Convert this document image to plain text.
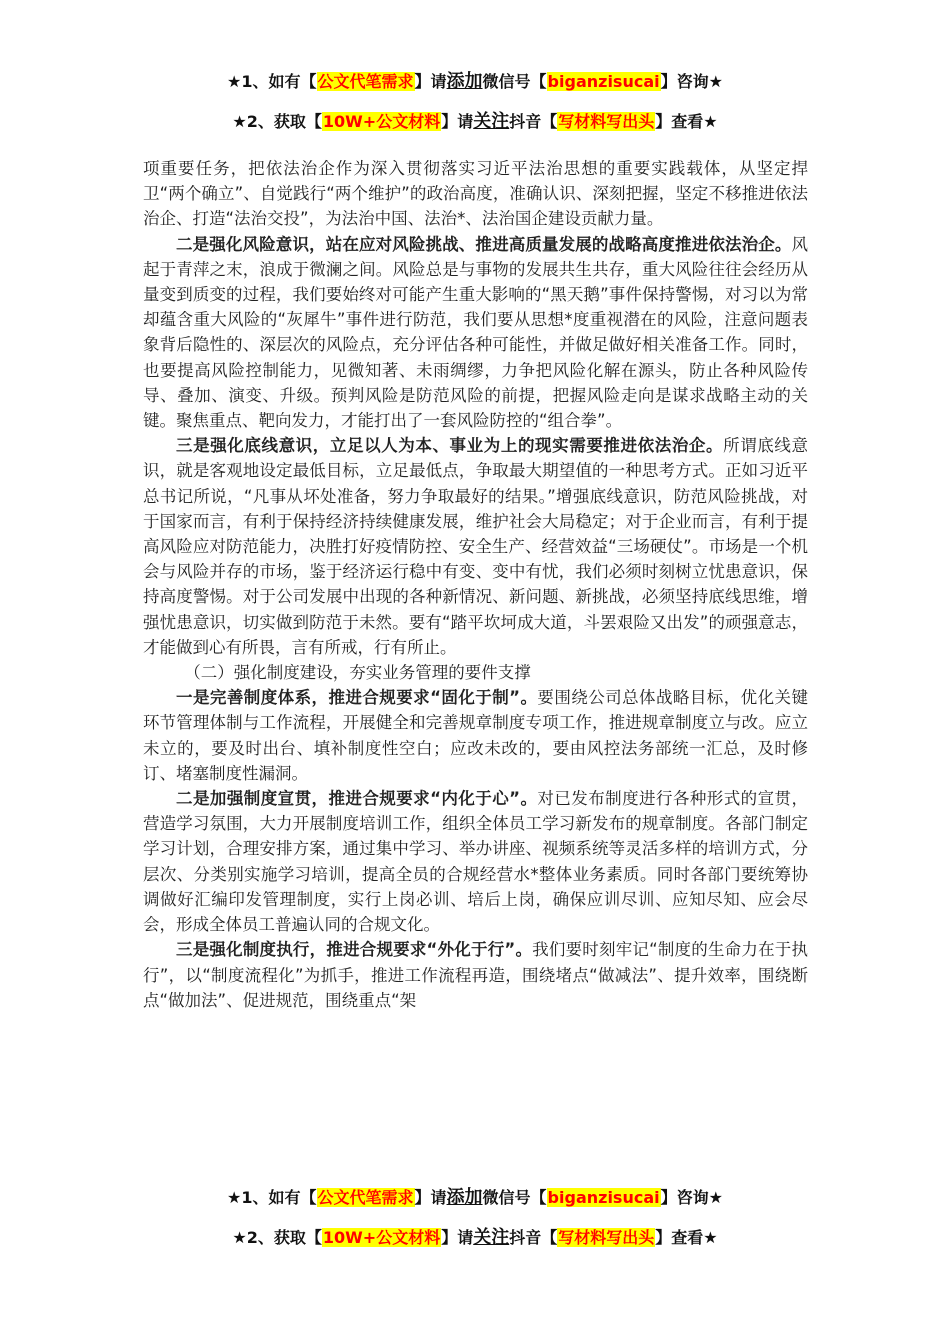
★1、如有【公文代笔需求】请添加微信号【biganzisucai】咨询★
★2、获取【10W+公文材料】请关注抖音【写材料写出头】查看★

项重要任务，把依法治企作为深入贯彻落实习近平法治思想的重要实践载体，从坚定捍卫“两个确立”、自觉践行“两个维护”的政治高度，准确认识、深刻把握，坚定不移推进依法治企、打造“法治交投”，为法治中国、法治*、法治国企建设贡献力量。

二是强化风险意识，站在应对风险挑战、推进高质量发展的战略高度推进依法治企。风起于青萍之末，浪成于微澜之间。风险总是与事物的发展共生共存，重大风险往往会经历从量变到质变的过程，我们要始终对可能产生重大影响的“黑天鹅”事件保持警惕，对习以为常却蕴含重大风险的“灰犀牛”事件进行防范，我们要从思想*度重视潜在的风险，注意问题表象背后隐性的、深层次的风险点，充分评估各种可能性，并做足做好相关准备工作。同时，也要提高风险控制能力，见微知著、未雨绸缪，力争把风险化解在源头，防止各种风险传导、叠加、演变、升级。预判风险是防范风险的前提，把握风险走向是谋求战略主动的关键。聚焦重点、靶向发力，才能打出了一套风险防控的“组合拳”。

三是强化底线意识，立足以人为本、事业为上的现实需要推进依法治企。所谓底线意识，就是客观地设定最低目标，立足最低点，争取最大期望值的一种思考方式。正如习近平总书记所说，“凡事从坏处准备，努力争取最好的结果。”增强底线意识，防范风险挑战，对于国家而言，有利于保持经济持续健康发展，维护社会大局稳定；对于企业而言，有利于提高风险应对防范能力，决胜打好疫情防控、安全生产、经营效益“三场硬仗”。市场是一个机会与风险并存的市场，鉴于经济运行稳中有变、变中有忧，我们必须时刻树立忧患意识，保持高度警惕。对于公司发展中出现的各种新情况、新问题、新挑战，必须坚持底线思维，增强忧患意识，切实做到防范于未然。要有“踏平坎坷成大道，斗罢艰险又出发”的顽强意志，才能做到心有所畏，言有所戒，行有所止。

（二）强化制度建设，夯实业务管理的要件支撑

一是完善制度体系，推进合规要求“固化于制”。要围绕公司总体战略目标，优化关键环节管理体制与工作流程，开展健全和完善规章制度专项工作，推进规章制度立与改。应立未立的，要及时出台、填补制度性空白；应改未改的，要由风控法务部统一汇总，及时修订、堵塞制度性漏洞。

二是加强制度宣贯，推进合规要求“内化于心”。对已发布制度进行各种形式的宣贯，营造学习氛围，大力开展制度培训工作，组织全体员工学习新发布的规章制度。各部门制定学习计划，合理安排方案，通过集中学习、举办讲座、视频系统等灵活多样的培训方式，分层次、分类别实施学习培训，提高全员的合规经营水*整体业务素质。同时各部门要统筹协调做好汇编印发管理制度，实行上岗必训、培后上岗，确保应训尽训、应知尽知、应会尽会，形成全体员工普遍认同的合规文化。

三是强化制度执行，推进合规要求“外化于行”。我们要时刻牢记“制度的生命力在于执行”，以“制度流程化”为抓手，推进工作流程再造，围绕堵点“做减法”、提升效率，围绕断点“做加法”、促进规范，围绕重点“架

★1、如有【公文代笔需求】请添加微信号【biganzisucai】咨询★
★2、获取【10W+公文材料】请关注抖音【写材料写出头】查看★
